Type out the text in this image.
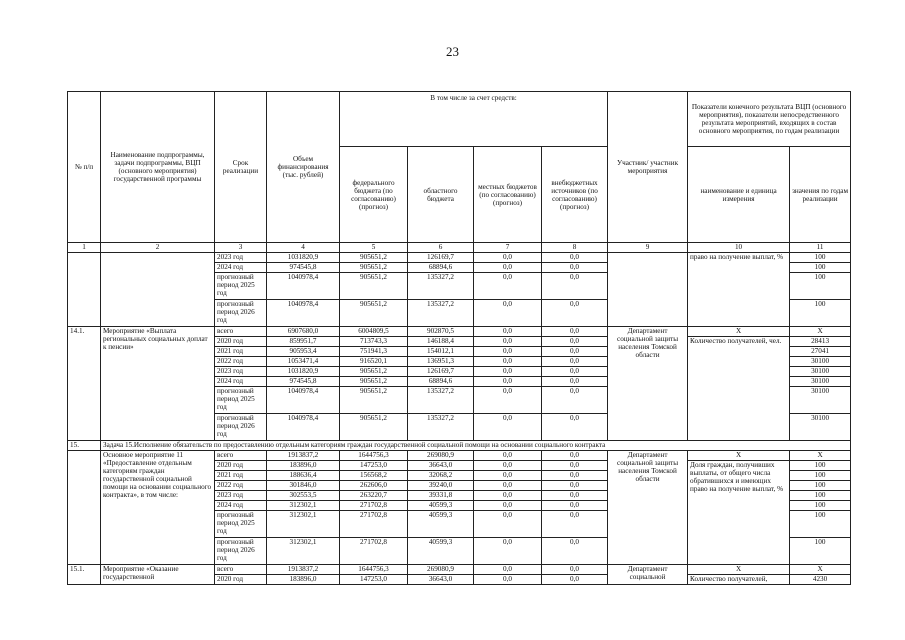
23
№ п/п	Наименование подпрограммы, задачи подпрограммы, ВЦП (основного мероприятия) государственной программы	Срок реализации	Объем финансирования (тыс. рублей)	В том числе за счет средств:				Участник/ участник мероприятия	Показатели конечного результата ВЦП (основного мероприятия), показатели непосредственного результата мероприятий, входящих в состав основного мероприятия, по годам реализации	
				федерального бюджета (по согласованию) (прогноз)	областного бюджета	местных бюджетов (по согласованию) (прогноз)	внебюджетных источников (по согласованию) (прогноз)		наименование и единица измерения	значения по годам реализации
1	2	3	4	5	6	7	8	9	10	11
		2023 год	1031820,9	905651,2	126169,7	0,0	0,0		право на получение выплат, %	100
		2024 год	974545,8	905651,2	68894,6	0,0	0,0			100
		прогнозный период 2025 год	1040978,4	905651,2	135327,2	0,0	0,0			100
		прогнозный период 2026 год	1040978,4	905651,2	135327,2	0,0	0,0			100
14.1.	Мероприятие «Выплата региональных социальных доплат к пенсии»	всего	6907680,0	6004809,5	902870,5	0,0	0,0	Департамент социальной защиты населения Томской области	Х	Х
		2020 год	859951,7	713743,3	146188,4	0,0	0,0		Количество получателей, чел.	28413
		2021 год	905953,4	751941,3	154012,1	0,0	0,0			27041
		2022 год	1053471,4	916520,1	136951,3	0,0	0,0			30100
		2023 год	1031820,9	905651,2	126169,7	0,0	0,0			30100
		2024 год	974545,8	905651,2	68894,6	0,0	0,0			30100
		прогнозный период 2025 год	1040978,4	905651,2	135327,2	0,0	0,0			30100
		прогнозный период 2026 год	1040978,4	905651,2	135327,2	0,0	0,0			30100
15.	Задача 15.Исполнение обязательств по предоставлению отдельным категориям граждан государственной социальной помощи на основании социального контракта									
	Основное мероприятие 11 «Предоставление отдельным категориям граждан государственной социальной помощи на основании социального контракта», в том числе:	всего	1913837,2	1644756,3	269080,9	0,0	0,0	Департамент социальной защиты населения Томской области	Х	Х
		2020 год	183896,0	147253,0	36643,0	0,0	0,0		Доля граждан, получивших выплаты, от общего числа обратившихся и имеющих право на получение выплат, %	100
		2021 год	188636,4	156568,2	32068,2	0,0	0,0			100
		2022 год	301846,0	262606,0	39240,0	0,0	0,0			100
		2023 год	302553,5	263220,7	39331,8	0,0	0,0			100
		2024 год	312302,1	271702,8	40599,3	0,0	0,0			100
		прогнозный период 2025 год	312302,1	271702,8	40599,3	0,0	0,0			100
		прогнозный период 2026 год	312302,1	271702,8	40599,3	0,0	0,0			100
15.1.	Мероприятие «Оказание государственной	всего	1913837,2	1644756,3	269080,9	0,0	0,0	Департамент социальной	Х	Х
		2020 год	183896,0	147253,0	36643,0	0,0	0,0		Количество получателей,	4230
